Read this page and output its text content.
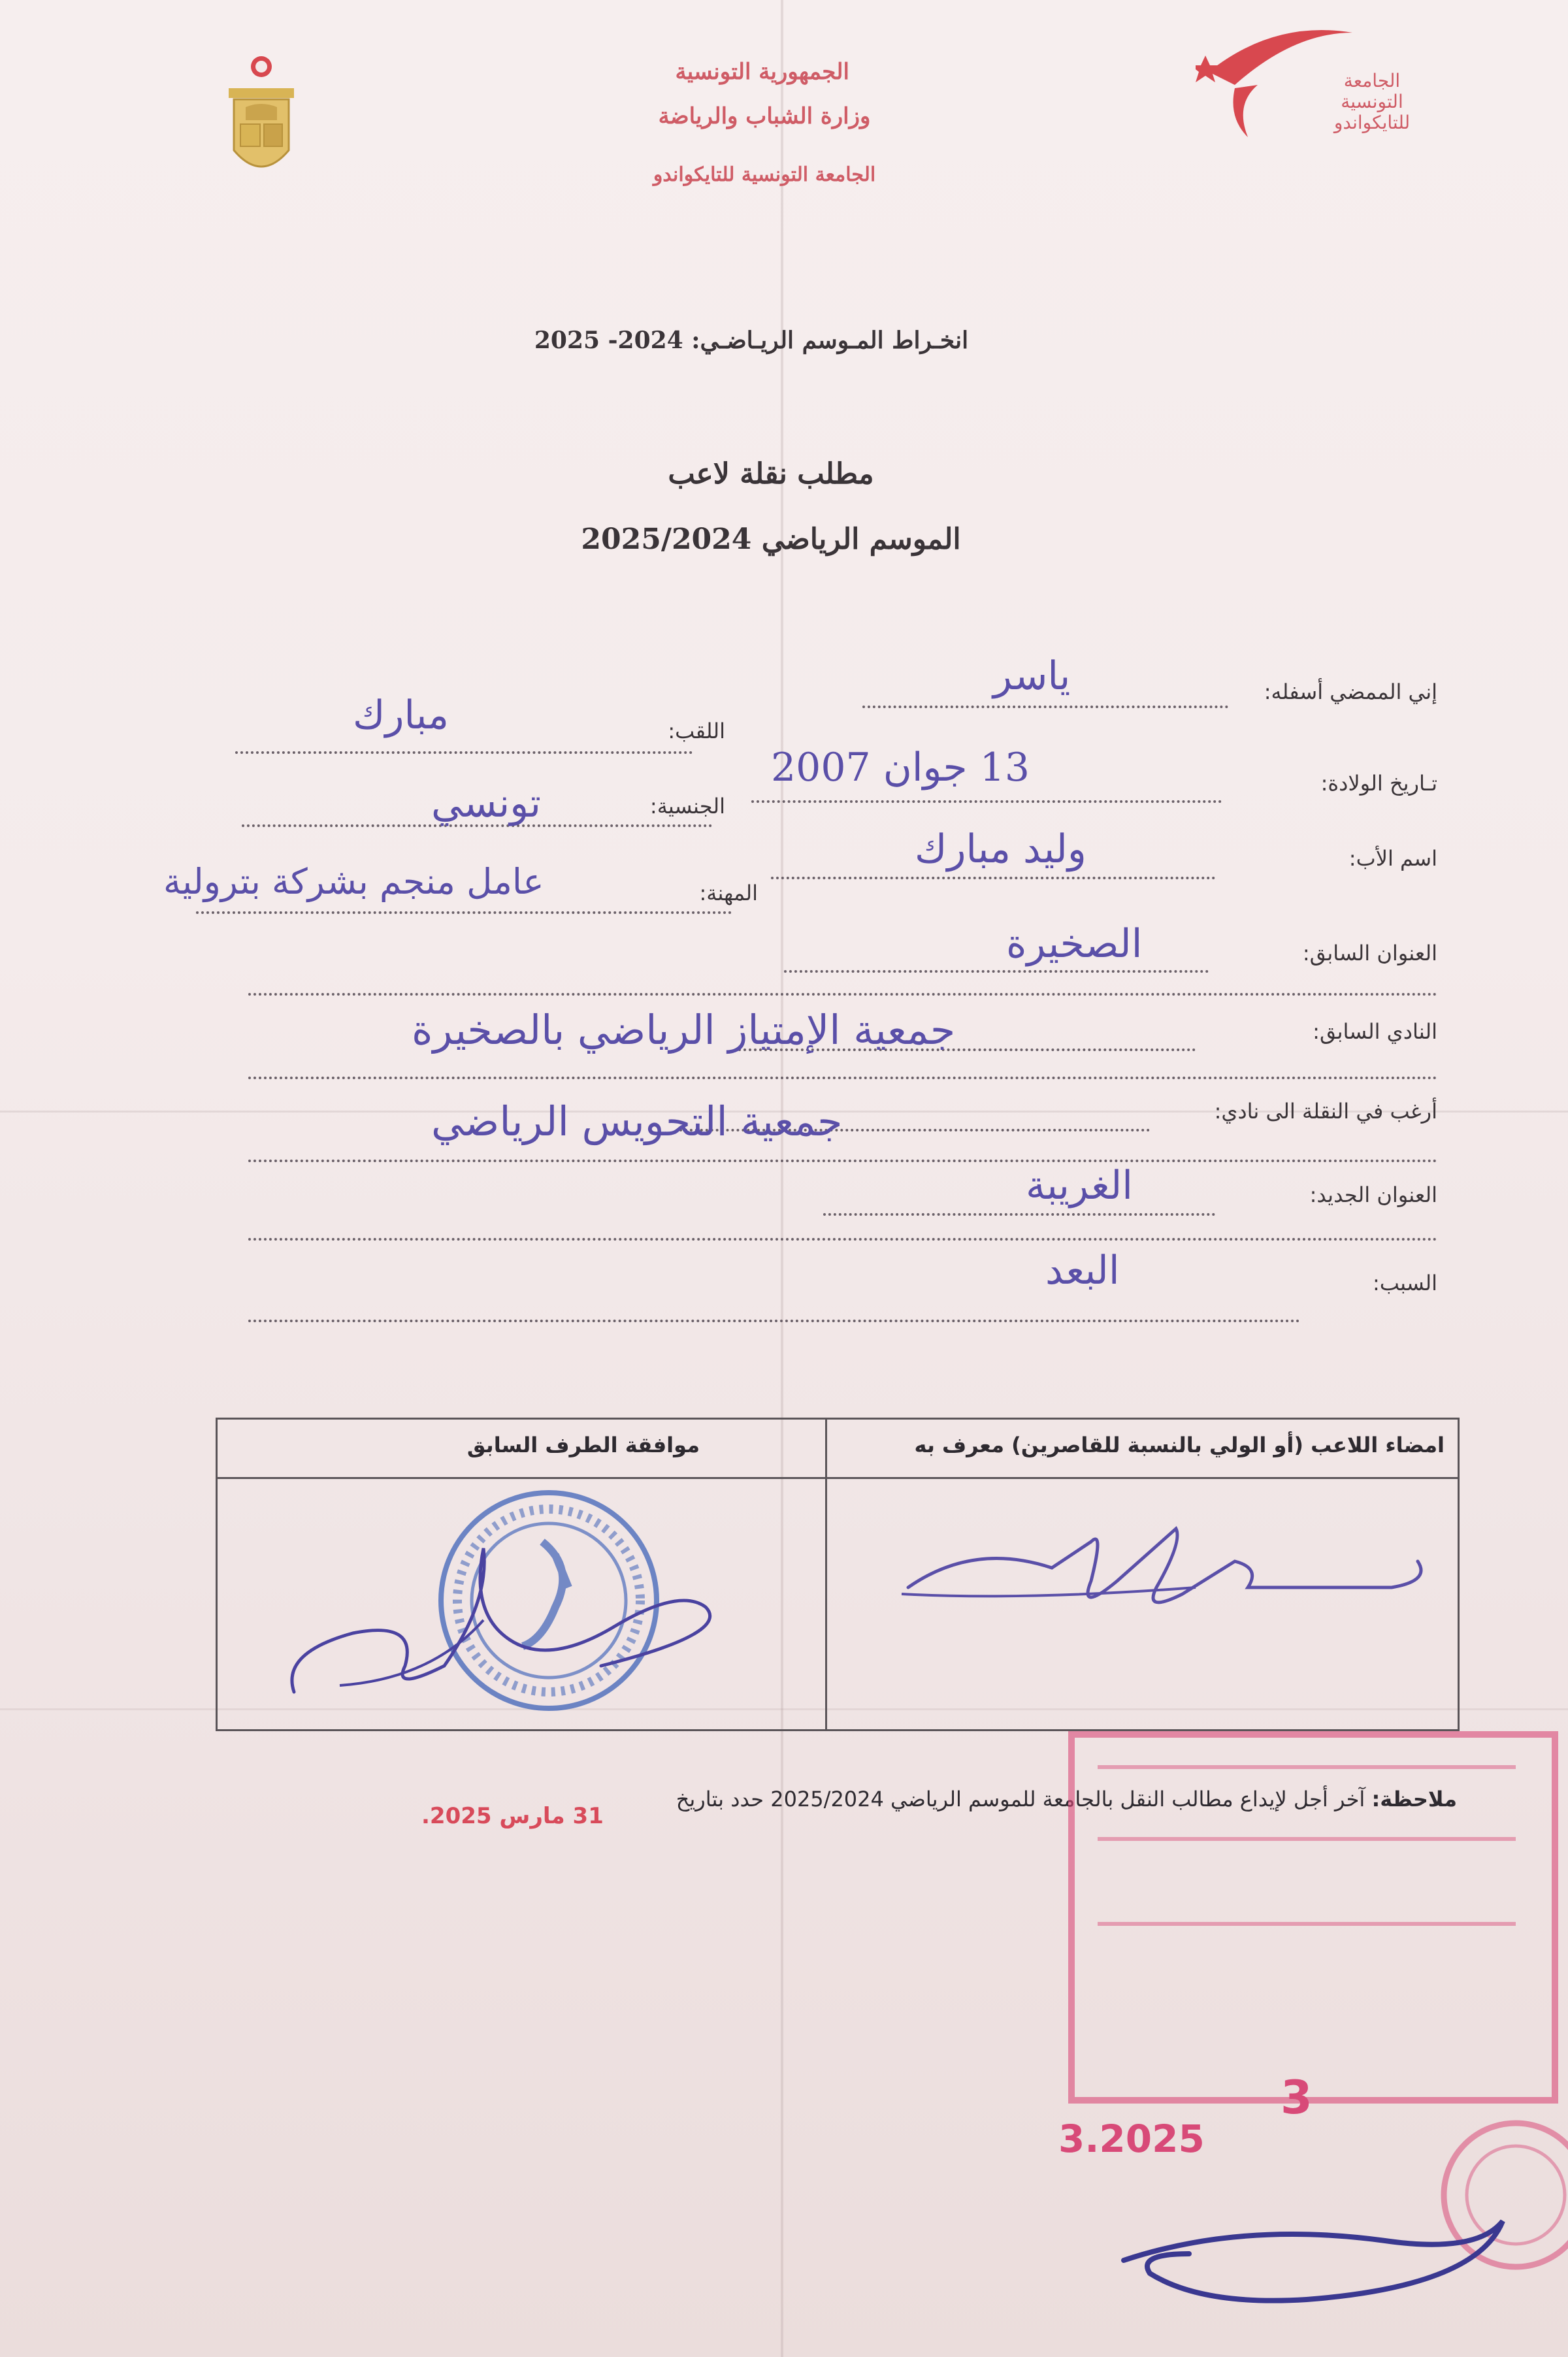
الجمهورية التونسية
وزارة الشباب والرياضة
الجامعة التونسية للتايكواندو
الجامعة
التونسية
للتايكواندو
انخـراط المـوسم الريـاضـي: 2024- 2025
مطلب نقلة لاعب
الموسم الرياضي 2025/2024
إني الممضي أسفله:
ياسر
اللقب:
مبارك
تـاريخ الولادة:
13 جوان 2007
الجنسية:
تونسي
اسم الأب:
وليد مبارك
المهنة:
عامل منجم بشركة بترولية
العنوان السابق:
الصخيرة
النادي السابق:
جمعية الإمتياز الرياضي بالصخيرة
أرغب في النقلة الى نادي:
جمعية التحويس الرياضي
العنوان الجديد:
الغريبة
السبب:
البعد
امضاء اللاعب (أو الولي بالنسبة للقاصرين) معرف به
موافقة الطرف السابق
ملاحظة: آخر أجل لإيداع مطالب النقل بالجامعة للموسم الرياضي 2025/2024 حدد بتاريخ
31 مارس 2025.
3.2025
3
